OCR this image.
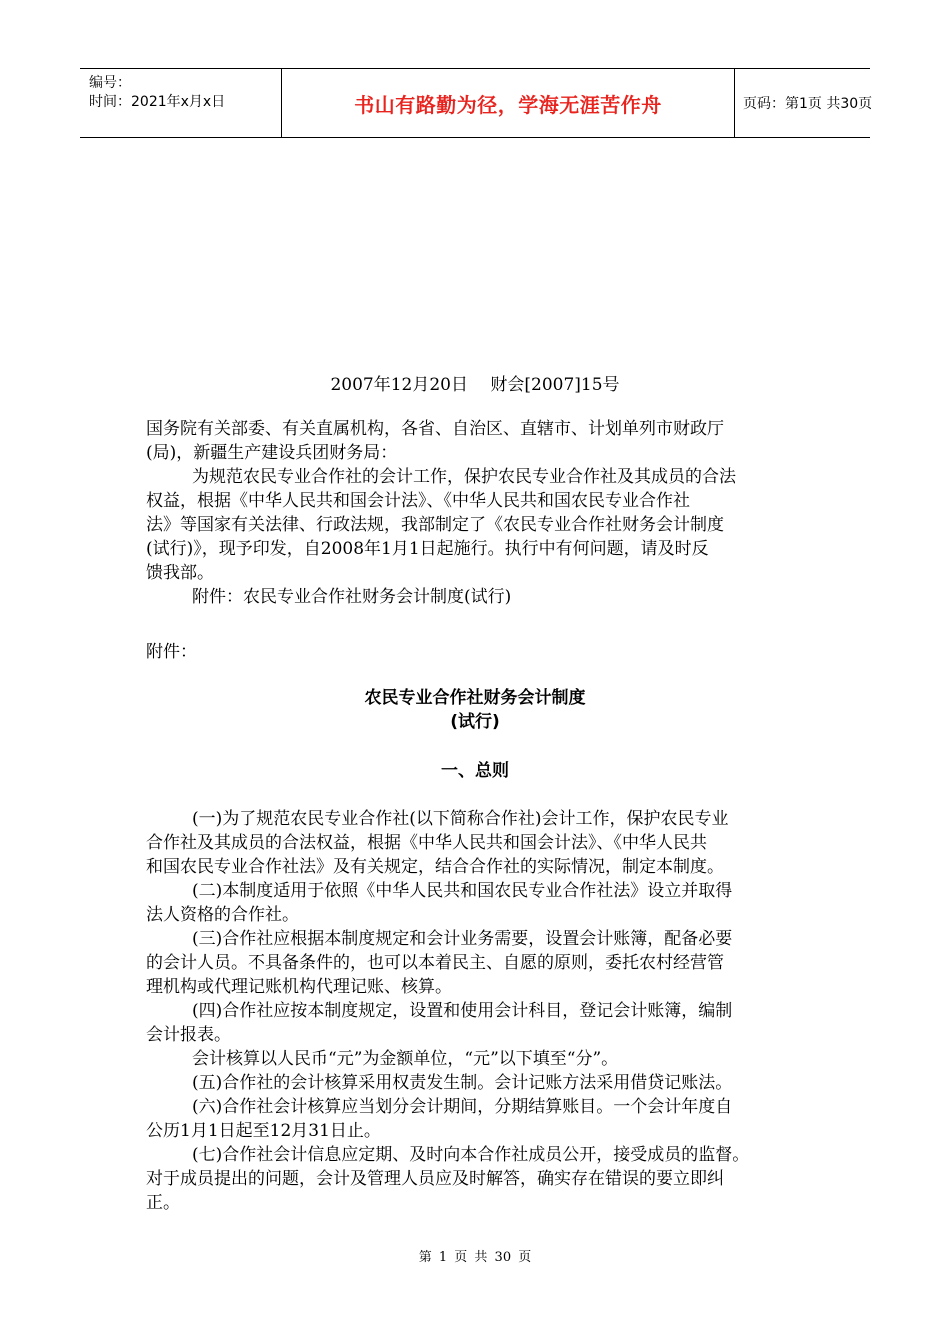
编号：
时间：2021年x月x日	书山有路勤为径，学海无涯苦作舟	页码：第1页 共30页
2007年12月20日　 财会[2007]15号

国务院有关部委、有关直属机构，各省、自治区、直辖市、计划单列市财政厅

(局)，新疆生产建设兵团财务局：

为规范农民专业合作社的会计工作，保护农民专业合作社及其成员的合法

权益，根据《中华人民共和国会计法》、《中华人民共和国农民专业合作社

法》等国家有关法律、行政法规，我部制定了《农民专业合作社财务会计制度

(试行)》，现予印发，自2008年1月1日起施行。执行中有何问题，请及时反

馈我部。

附件：农民专业合作社财务会计制度(试行)

附件：
农民专业合作社财务会计制度
(试行)
一、总则

(一)为了规范农民专业合作社(以下简称合作社)会计工作，保护农民专业

合作社及其成员的合法权益，根据《中华人民共和国会计法》、《中华人民共

和国农民专业合作社法》及有关规定，结合合作社的实际情况，制定本制度。

(二)本制度适用于依照《中华人民共和国农民专业合作社法》设立并取得

法人资格的合作社。

(三)合作社应根据本制度规定和会计业务需要，设置会计账簿，配备必要

的会计人员。不具备条件的，也可以本着民主、自愿的原则，委托农村经营管

理机构或代理记账机构代理记账、核算。

(四)合作社应按本制度规定，设置和使用会计科目，登记会计账簿，编制

会计报表。

会计核算以人民币“元”为金额单位，“元”以下填至“分”。

(五)合作社的会计核算采用权责发生制。会计记账方法采用借贷记账法。

(六)合作社会计核算应当划分会计期间，分期结算账目。一个会计年度自

公历1月1日起至12月31日止。

(七)合作社会计信息应定期、及时向本合作社成员公开，接受成员的监督。

对于成员提出的问题，会计及管理人员应及时解答，确实存在错误的要立即纠

正。

第 1 页 共 30 页
